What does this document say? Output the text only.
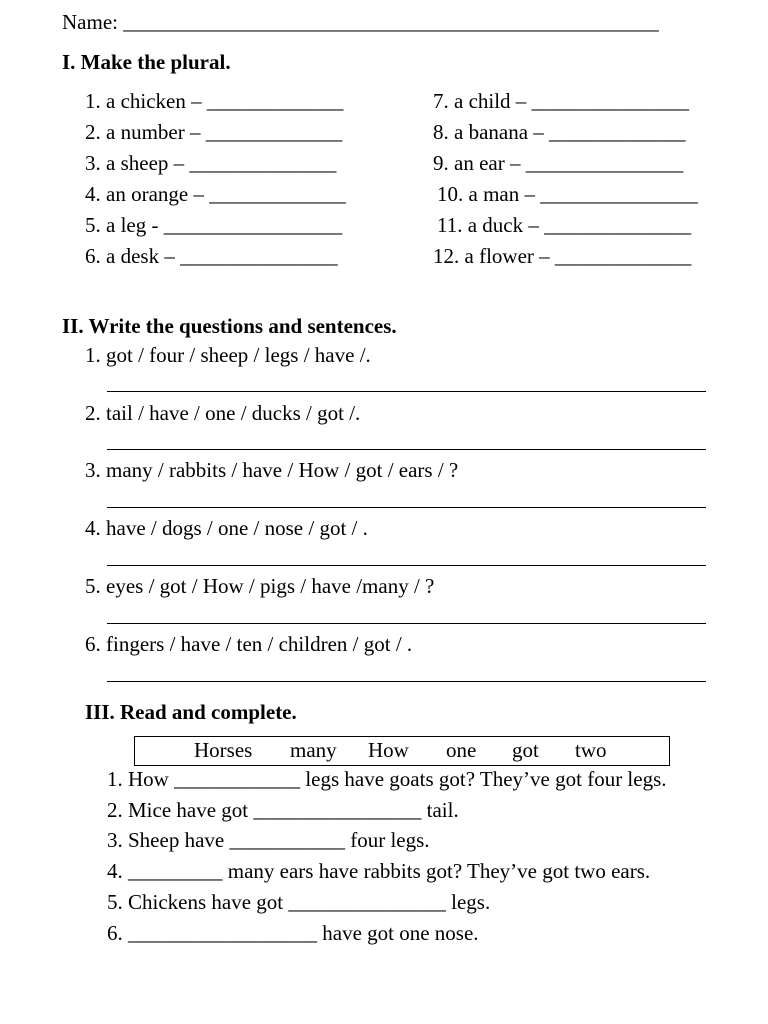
Name: ___________________________________________________
I. Make the plural.
1. a chicken – _____________
2. a number – _____________
3. a sheep – ______________
4. an orange – _____________
5. a leg - _________________
6. a desk – _______________
7. a child – _______________
8. a banana – _____________
9. an ear – _______________
10. a man – _______________
11. a duck – ______________
12. a flower – _____________
II. Write the questions and sentences.
1. got / four / sheep / legs / have /.
2. tail / have / one / ducks / got /.
3. many / rabbits / have / How / got / ears / ?
4. have / dogs / one / nose / got / .
5. eyes / got / How / pigs / have /many / ?
6. fingers / have / ten / children / got / .
III. Read and complete.
Horses many How one got two
1. How ____________ legs have goats got? They’ve got four legs.
2. Mice have got ________________ tail.
3. Sheep have ___________ four legs.
4. _________ many ears have rabbits got? They’ve got two ears.
5. Chickens have got _______________ legs.
6. __________________ have got one nose.
